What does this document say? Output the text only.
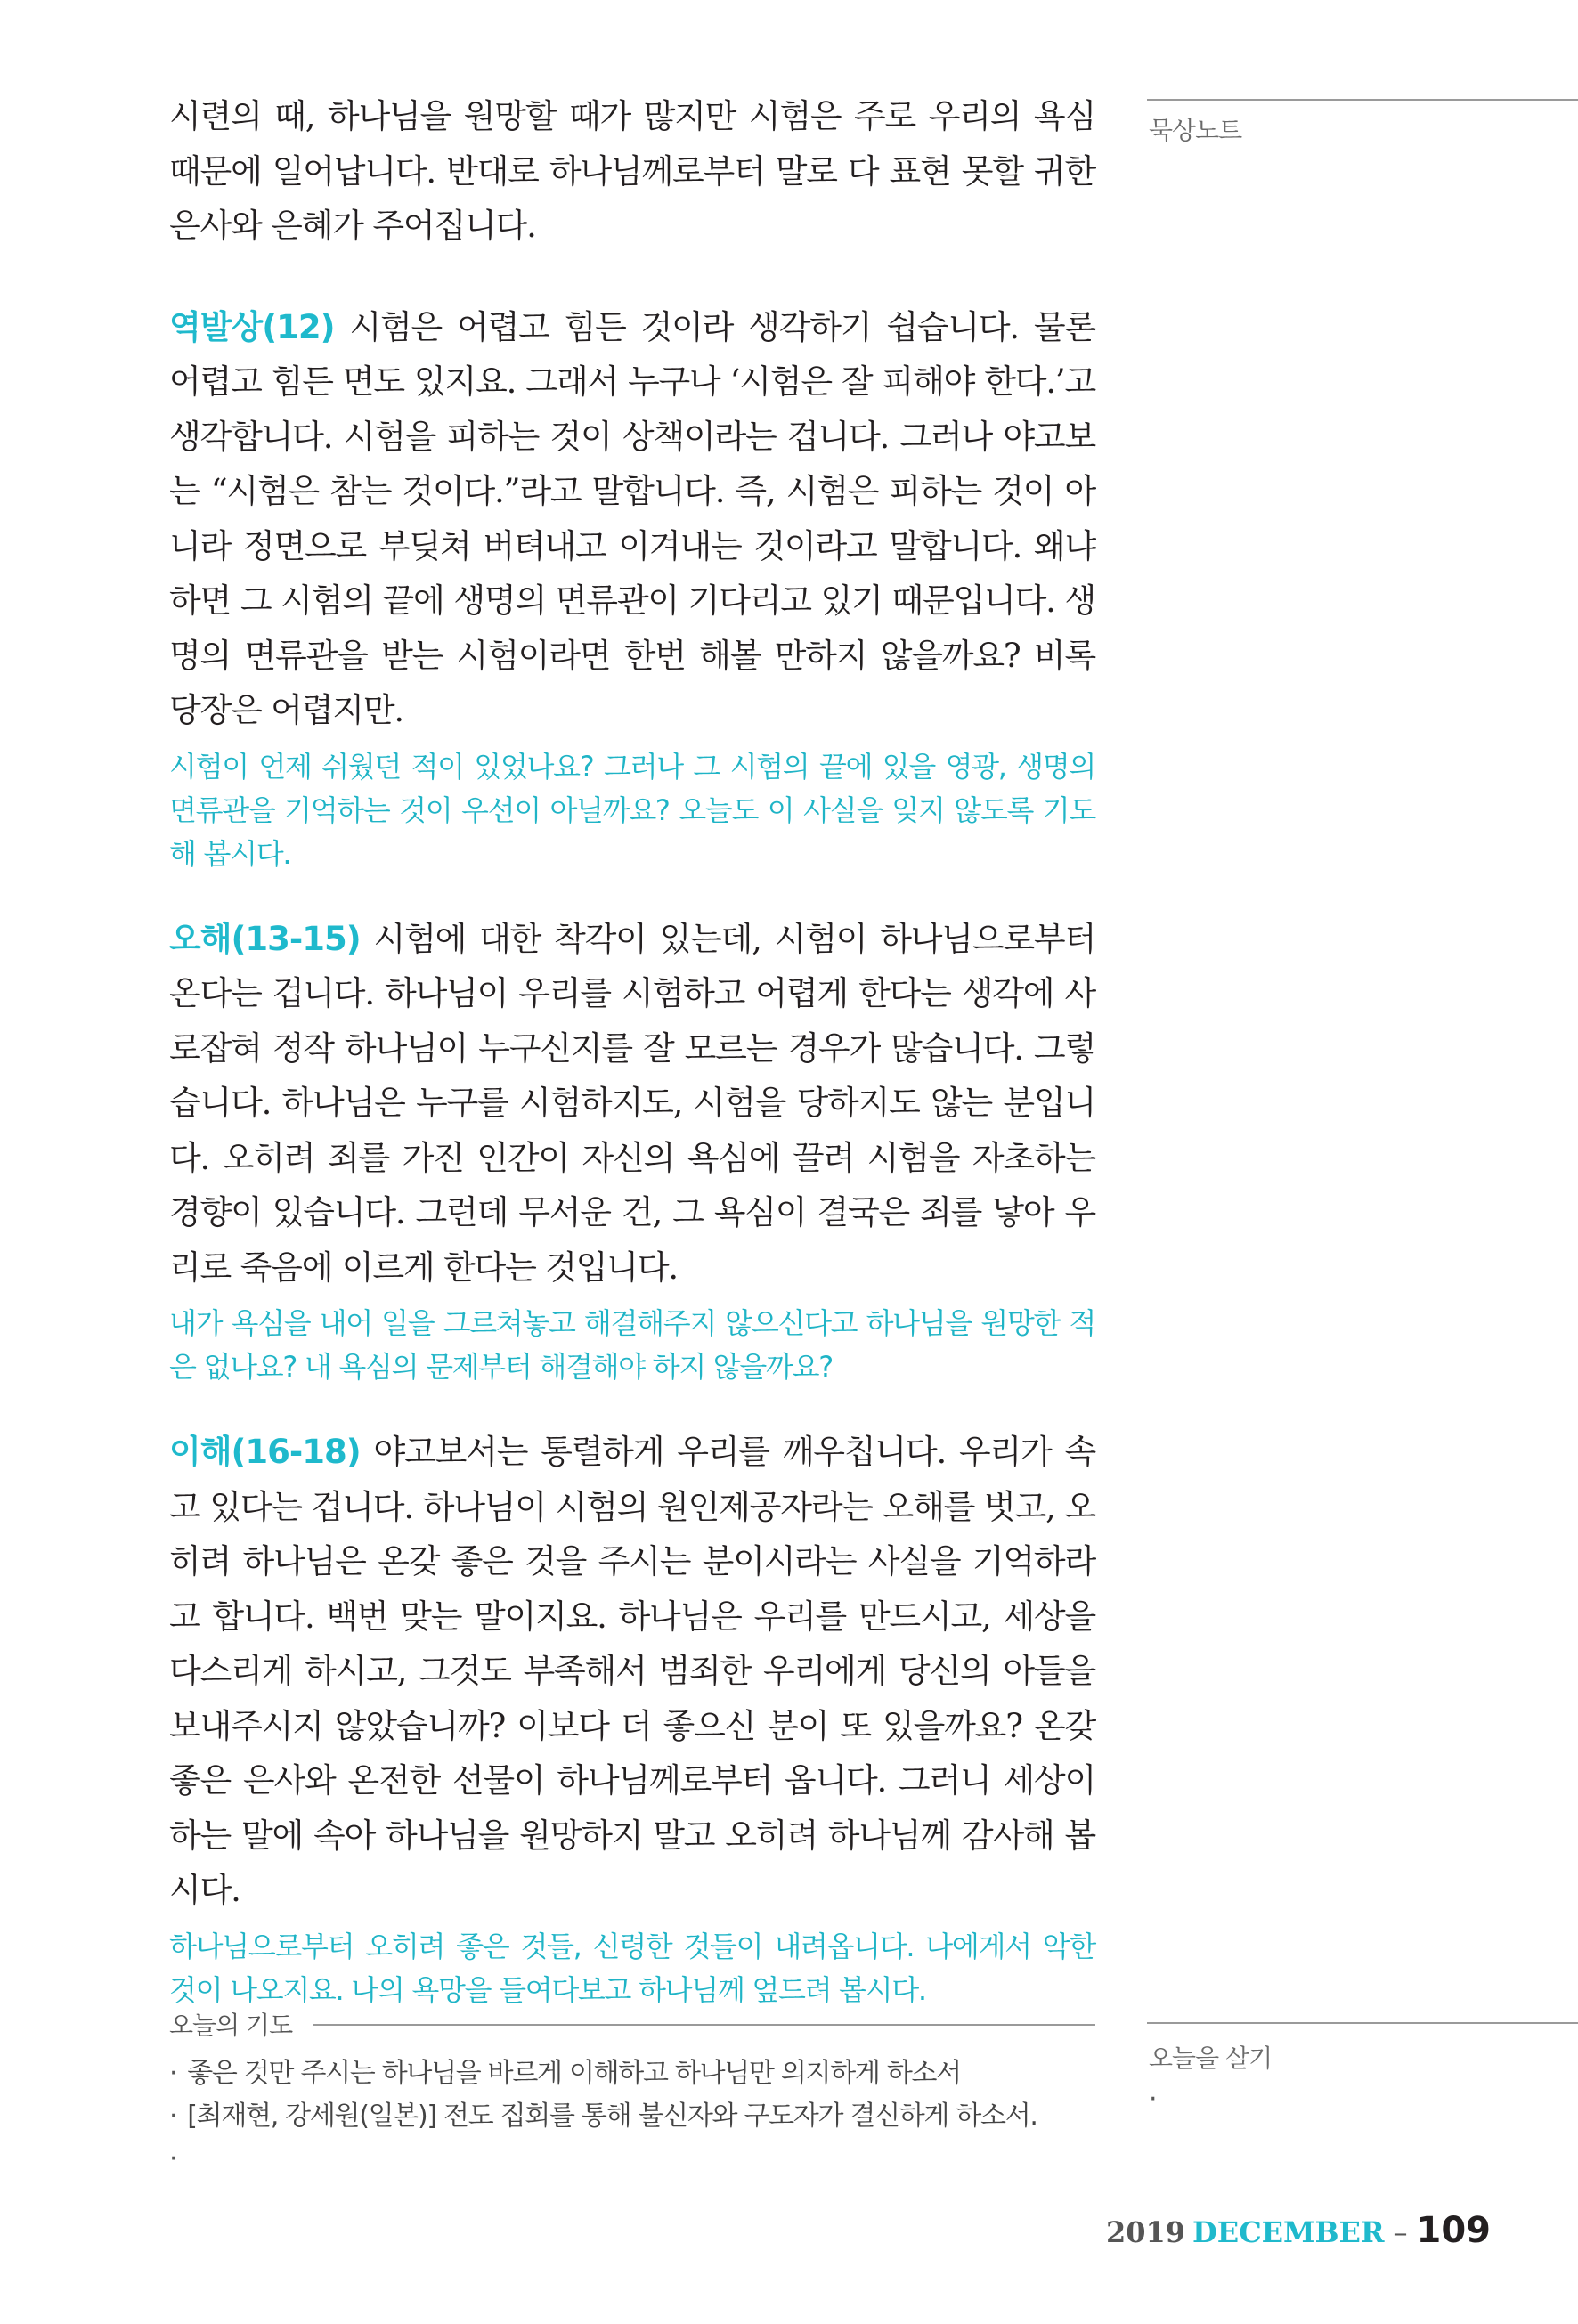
묵상노트

시련의 때, 하나님을 원망할 때가 많지만 시험은 주로 우리의 욕심 때문에 일어납니다. 반대로 하나님께로부터 말로 다 표현 못할 귀한 은사와 은혜가 주어집니다.

역발상(12) 시험은 어렵고 힘든 것이라 생각하기 쉽습니다. 물론 어렵고 힘든 면도 있지요. 그래서 누구나 ‘시험은 잘 피해야 한다.’고 생각합니다. 시험을 피하는 것이 상책이라는 겁니다. 그러나 야고보는 “시험은 참는 것이다.”라고 말합니다. 즉, 시험은 피하는 것이 아니라 정면으로 부딪쳐 버텨내고 이겨내는 것이라고 말합니다. 왜냐하면 그 시험의 끝에 생명의 면류관이 기다리고 있기 때문입니다. 생명의 면류관을 받는 시험이라면 한번 해볼 만하지 않을까요? 비록 당장은 어렵지만.

시험이 언제 쉬웠던 적이 있었나요? 그러나 그 시험의 끝에 있을 영광, 생명의 면류관을 기억하는 것이 우선이 아닐까요? 오늘도 이 사실을 잊지 않도록 기도해 봅시다.

오해(13-15) 시험에 대한 착각이 있는데, 시험이 하나님으로부터 온다는 겁니다. 하나님이 우리를 시험하고 어렵게 한다는 생각에 사로잡혀 정작 하나님이 누구신지를 잘 모르는 경우가 많습니다. 그렇습니다. 하나님은 누구를 시험하지도, 시험을 당하지도 않는 분입니다. 오히려 죄를 가진 인간이 자신의 욕심에 끌려 시험을 자초하는 경향이 있습니다. 그런데 무서운 건, 그 욕심이 결국은 죄를 낳아 우리로 죽음에 이르게 한다는 것입니다.

내가 욕심을 내어 일을 그르쳐놓고 해결해주지 않으신다고 하나님을 원망한 적은 없나요? 내 욕심의 문제부터 해결해야 하지 않을까요?

이해(16-18) 야고보서는 통렬하게 우리를 깨우칩니다. 우리가 속고 있다는 겁니다. 하나님이 시험의 원인제공자라는 오해를 벗고, 오히려 하나님은 온갖 좋은 것을 주시는 분이시라는 사실을 기억하라고 합니다. 백번 맞는 말이지요. 하나님은 우리를 만드시고, 세상을 다스리게 하시고, 그것도 부족해서 범죄한 우리에게 당신의 아들을 보내주시지 않았습니까? 이보다 더 좋으신 분이 또 있을까요? 온갖 좋은 은사와 온전한 선물이 하나님께로부터 옵니다. 그러니 세상이 하는 말에 속아 하나님을 원망하지 말고 오히려 하나님께 감사해 봅시다.

하나님으로부터 오히려 좋은 것들, 신령한 것들이 내려옵니다. 나에게서 악한 것이 나오지요. 나의 욕망을 들여다보고 하나님께 엎드려 봅시다.

오늘의 기도
· 좋은 것만 주시는 하나님을 바르게 이해하고 하나님만 의지하게 하소서
· [최재현, 강세원(일본)] 전도 집회를 통해 불신자와 구도자가 결신하게 하소서.
·
오늘을 살기
·
2019 DECEMBER – 109
